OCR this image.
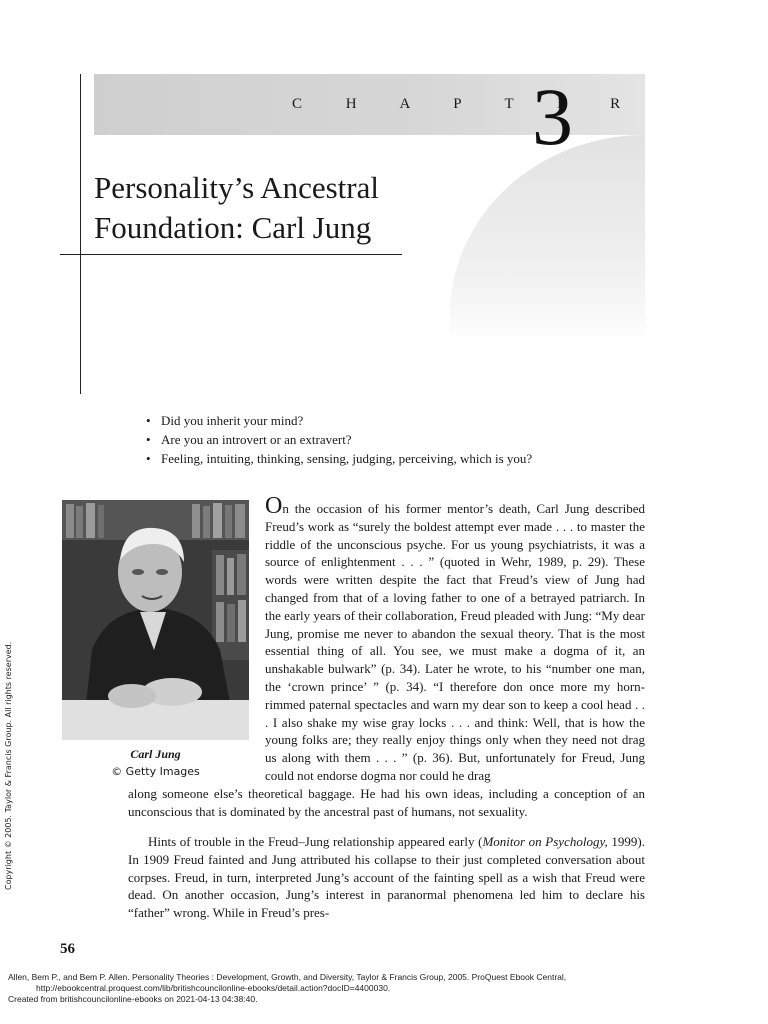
C H A P T E R
3
Personality’s Ancestral
Foundation: Carl Jung
• Did you inherit your mind?
• Are you an introvert or an extravert?
• Feeling, intuiting, thinking, sensing, judging, perceiving, which is you?
Carl Jung
© Getty Images

On the occasion of his former mentor’s death, Carl Jung described Freud’s work as “surely the boldest attempt ever made . . . to master the riddle of the unconscious psyche. For us young psychiatrists, it was a source of enlightenment . . . ” (quoted in Wehr, 1989, p. 29). These words were written despite the fact that Freud’s view of Jung had changed from that of a loving father to one of a betrayed patriarch. In the early years of their collaboration, Freud pleaded with Jung: “My dear Jung, promise me never to abandon the sexual theory. That is the most essential thing of all. You see, we must make a dogma of it, an unshakable bulwark” (p. 34). Later he wrote, to his “number one man, the ‘crown prince’ ” (p. 34). “I therefore don once more my horn-rimmed paternal spectacles and warn my dear son to keep a cool head . . . I also shake my wise gray locks . . . and think: Well, that is how the young folks are; they really enjoy things only when they need not drag us along with them . . . ” (p. 36). But, unfortunately for Freud, Jung could not endorse dogma nor could he drag

along someone else’s theoretical baggage. He had his own ideas, including a conception of an unconscious that is dominated by the ancestral past of humans, not sexuality.

Hints of trouble in the Freud–Jung relationship appeared early (Monitor on Psychology, 1999). In 1909 Freud fainted and Jung attributed his collapse to their just completed conversation about corpses. Freud, in turn, interpreted Jung’s account of the fainting spell as a wish that Freud were dead. On another occasion, Jung’s interest in paranormal phenomena led him to declare his “father” wrong. While in Freud’s pres-

Copyright © 2005. Taylor & Francis Group. All rights reserved.
56
Allen, Bem P., and Bem P. Allen. Personality Theories : Development, Growth, and Diversity, Taylor & Francis Group, 2005. ProQuest Ebook Central,
http://ebookcentral.proquest.com/lib/britishcouncilonline-ebooks/detail.action?docID=4400030.
Created from britishcouncilonline-ebooks on 2021-04-13 04:38:40.
